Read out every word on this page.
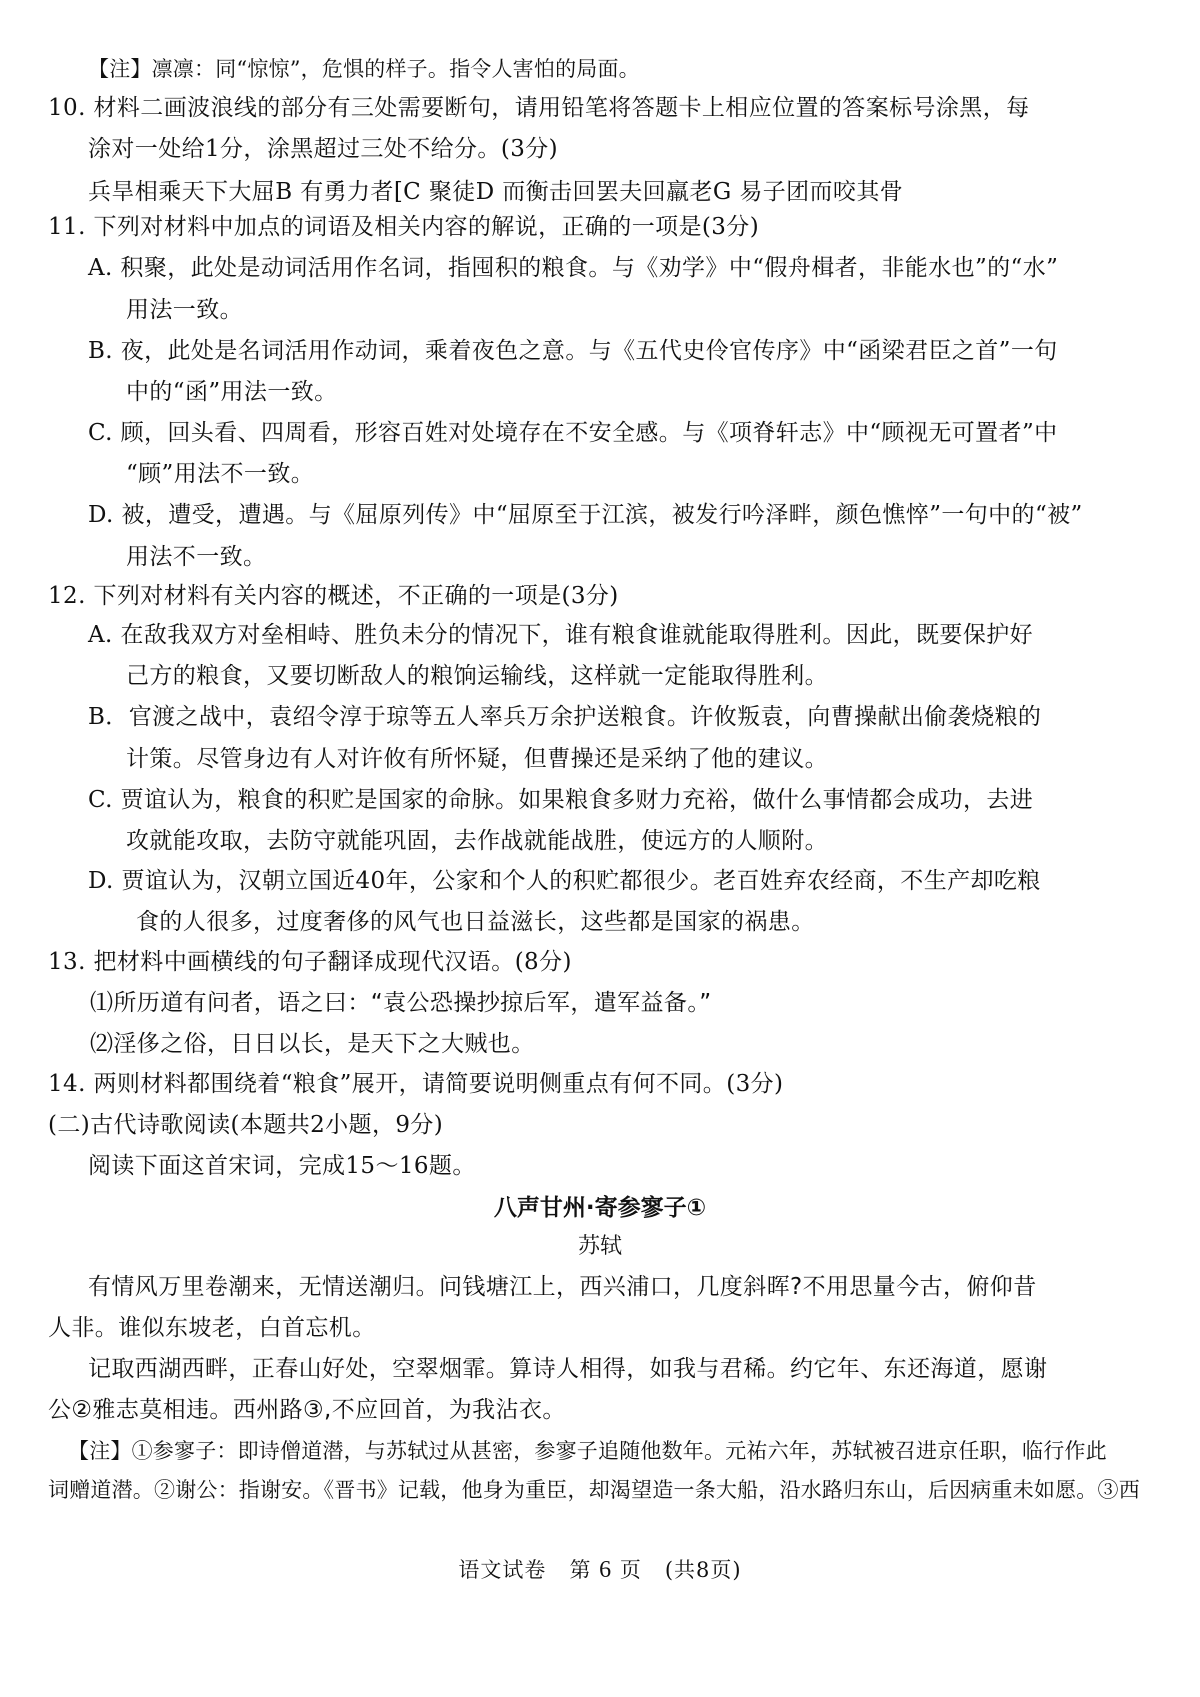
【注】凛凛：同“惊惊”，危惧的样子。指令人害怕的局面。
10. 材料二画波浪线的部分有三处需要断句，请用铅笔将答题卡上相应位置的答案标号涂黑，每
涂对一处给1分，涂黑超过三处不给分。(3分)
兵旱相乘天下大屈B 有勇力者[C 聚徒D 而衡击回罢夫回羸老G 易子团而咬其骨
11. 下列对材料中加点的词语及相关内容的解说，正确的一项是(3分)
A. 积聚，此处是动词活用作名词，指囤积的粮食。与《劝学》中“假舟楫者，非能水也”的“水”
用法一致。
B. 夜，此处是名词活用作动词，乘着夜色之意。与《五代史伶官传序》中“函梁君臣之首”一句
中的“函”用法一致。
C. 顾，回头看、四周看，形容百姓对处境存在不安全感。与《项脊轩志》中“顾视无可置者”中
“顾”用法不一致。
D. 被，遭受，遭遇。与《屈原列传》中“屈原至于江滨，被发行吟泽畔，颜色憔悴”一句中的“被”
用法不一致。
12. 下列对材料有关内容的概述，不正确的一项是(3分)
A. 在敌我双方对垒相峙、胜负未分的情况下，谁有粮食谁就能取得胜利。因此，既要保护好
己方的粮食，又要切断敌人的粮饷运输线，这样就一定能取得胜利。
B．官渡之战中，袁绍令淳于琼等五人率兵万余护送粮食。许攸叛袁，向曹操献出偷袭烧粮的
计策。尽管身边有人对许攸有所怀疑，但曹操还是采纳了他的建议。
C. 贾谊认为，粮食的积贮是国家的命脉。如果粮食多财力充裕，做什么事情都会成功，去进
攻就能攻取，去防守就能巩固，去作战就能战胜，使远方的人顺附。
D. 贾谊认为，汉朝立国近40年，公家和个人的积贮都很少。老百姓弃农经商，不生产却吃粮
食的人很多，过度奢侈的风气也日益滋长，这些都是国家的祸患。
13. 把材料中画横线的句子翻译成现代汉语。(8分)
⑴所历道有问者，语之曰：“袁公恐操抄掠后军，遣军益备。”
⑵淫侈之俗，日日以长，是天下之大贼也。
14. 两则材料都围绕着“粮食”展开，请简要说明侧重点有何不同。(3分)
(二)古代诗歌阅读(本题共2小题，9分)
阅读下面这首宋词，完成15～16题。
八声甘州·寄参寥子①
苏轼
有情风万里卷潮来，无情送潮归。问钱塘江上，西兴浦口，几度斜晖?不用思量今古，俯仰昔
人非。谁似东坡老，白首忘机。
记取西湖西畔，正春山好处，空翠烟霏。算诗人相得，如我与君稀。约它年、东还海道，愿谢
公②雅志莫相违。西州路③,不应回首，为我沾衣。
【注】①参寥子：即诗僧道潜，与苏轼过从甚密，参寥子追随他数年。元祐六年，苏轼被召进京任职，临行作此
词赠道潜。②谢公：指谢安。《晋书》记载，他身为重臣，却渴望造一条大船，沿水路归东山，后因病重未如愿。③西
语文试卷 第 6 页 (共8页)
